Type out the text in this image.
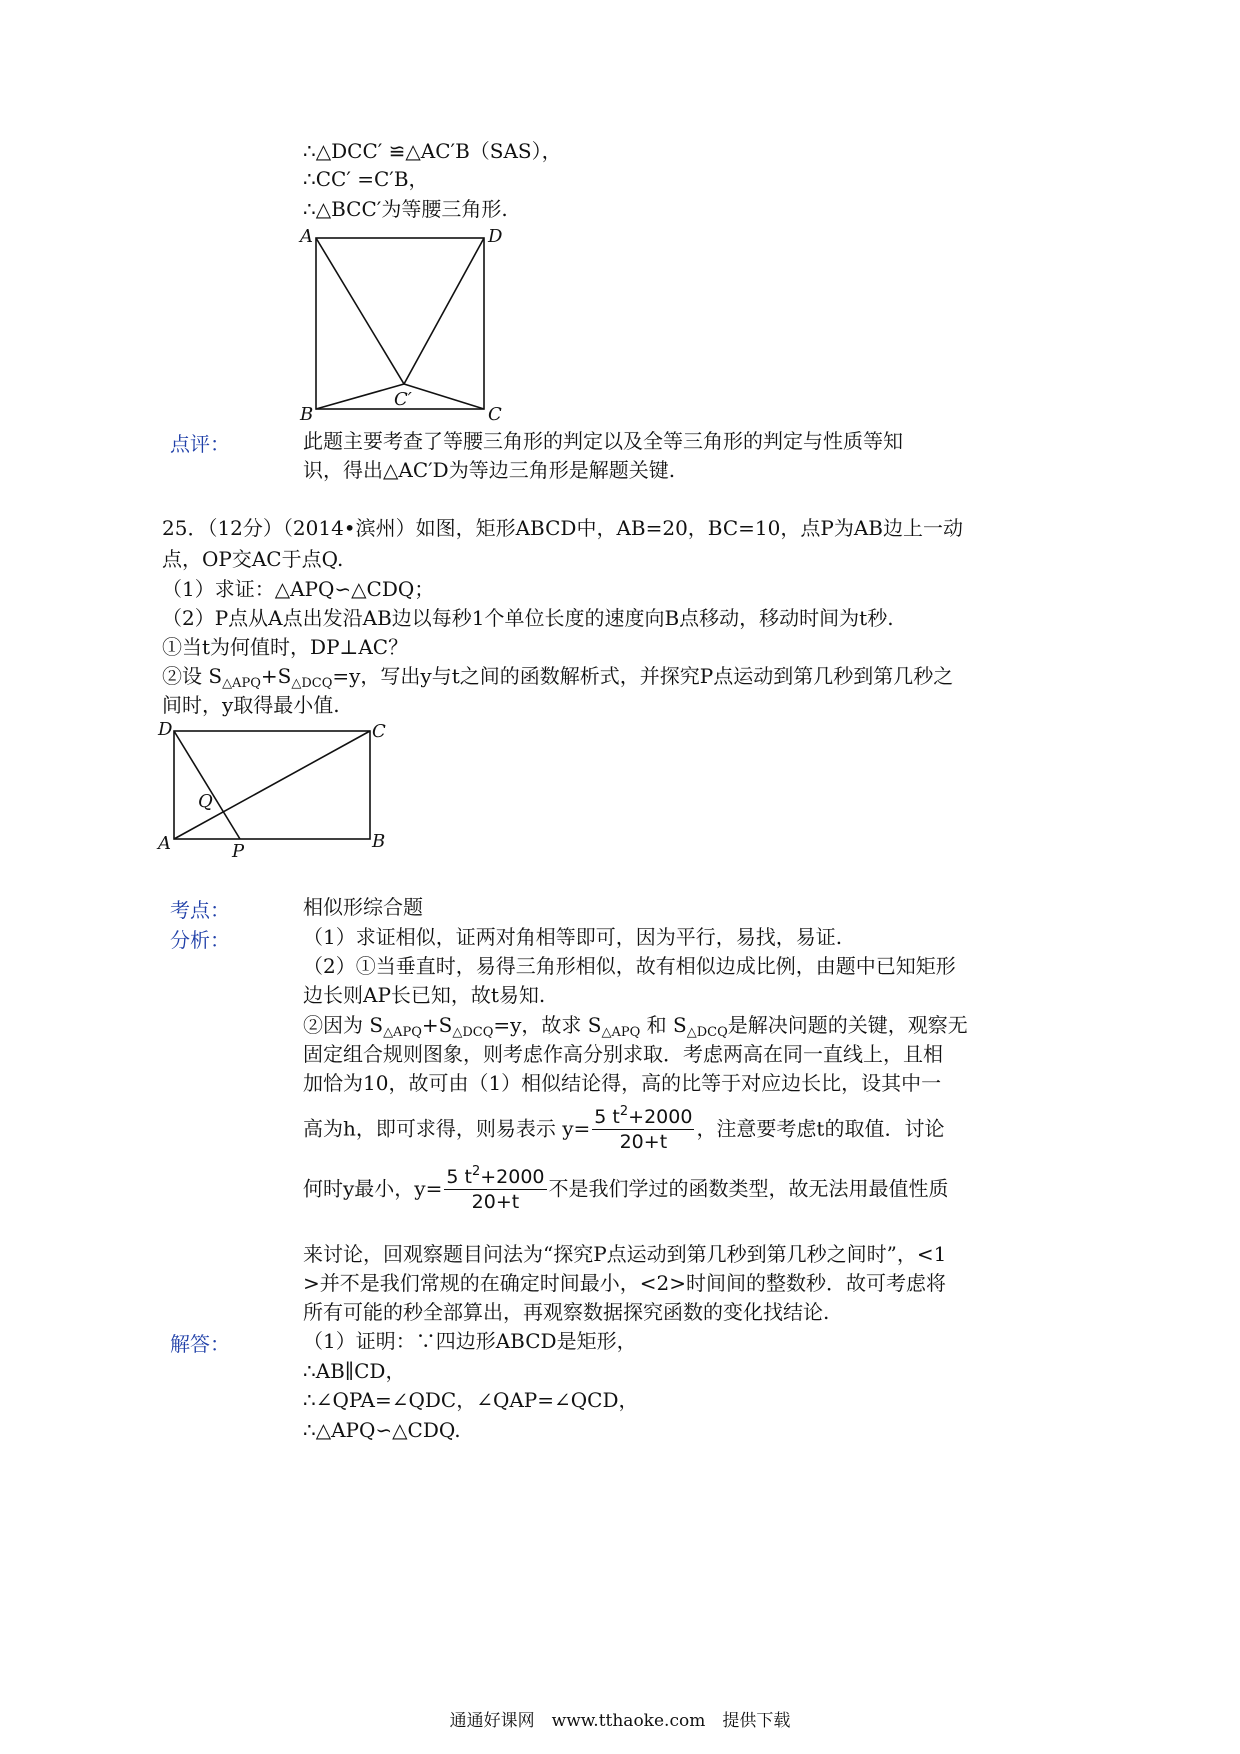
∴△DCC′ ≌△AC′B（SAS），
∴CC′ =C′B，
∴△BCC′为等腰三角形.
A	D
B	C
C′
点评：	此题主要考查了等腰三角形的判定以及全等三角形的判定与性质等知
识，得出△AC′D为等边三角形是解题关键.
25．（12分）（2014•滨州）如图，矩形ABCD中，AB=20，BC=10，点P为AB边上一动
点，OP交AC于点Q.
（1）求证：△APQ∽△CDQ；
（2）P点从A点出发沿AB边以每秒1个单位长度的速度向B点移动，移动时间为t秒.
①当t为何值时，DP⊥AC？
②设 $S_{\triangle APQ}+S_{\triangle DCQ}=y$，写出y与t之间的函数解析式，并探究P点运动到第几秒到第几秒之
间时，y取得最小值.
D	C
Q
A	P	B
考点：	相似形综合题
分析：	（1）求证相似，证两对角相等即可，因为平行，易找，易证.
（2）①当垂直时，易得三角形相似，故有相似边成比例，由题中已知矩形
边长则AP长已知，故t易知.
②因为 $S_{\triangle APQ}+S_{\triangle DCQ}=y$，故求 $S_{\triangle APQ}$ 和 $S_{\triangle DCQ}$是解决问题的关键，观察无
固定组合规则图象，则考虑作高分别求取．考虑两高在同一直线上，且相
加恰为10，故可由（1）相似结论得，高的比等于对应边长比，设其中一
高为h，即可求得，则易表示 $y= \frac{5 t^2+2000}{20+t}$ ，注意要考虑t的取值．讨论
何时y最小，$y= \frac{5 t^2+2000}{20+t}$ 不是我们学过的函数类型，故无法用最值性质
来讨论，回观察题目问法为“探究P点运动到第几秒到第几秒之间时”，<1
>并不是我们常规的在确定时间最小，<2>时间间的整数秒．故可考虑将
所有可能的秒全部算出，再观察数据探究函数的变化找结论.
解答：	（1）证明：∵四边形ABCD是矩形，
∴AB∥CD，
∴∠QPA=∠QDC，∠QAP=∠QCD，
∴△APQ∽△CDQ.
通通好课网　www.tthaoke.com　提供下载
